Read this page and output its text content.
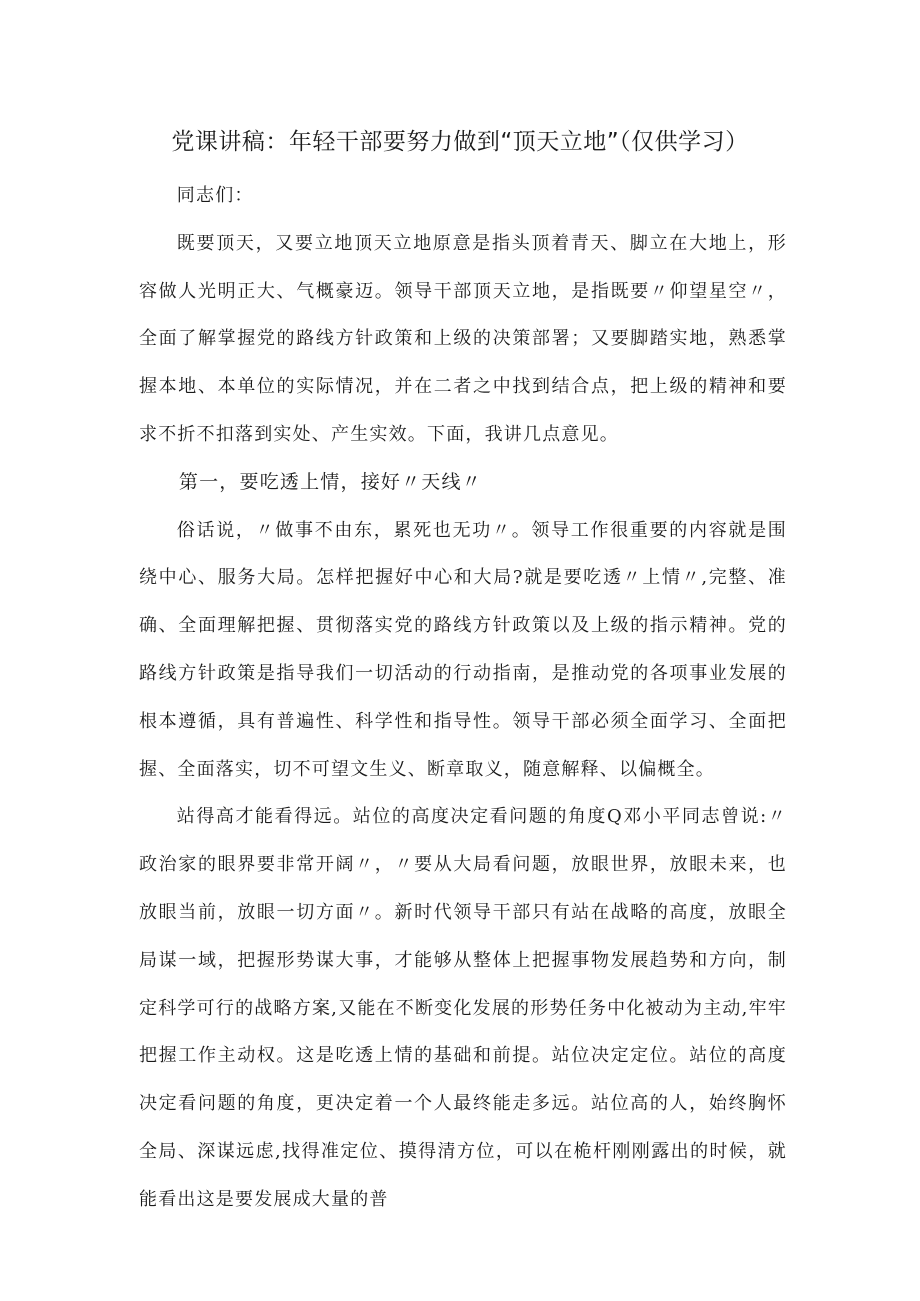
党课讲稿：年轻干部要努力做到“顶天立地”（仅供学习）

同志们：

既要顶天，又要立地顶天立地原意是指头顶着青天、脚立在大地上，形容做人光明正大、气概豪迈。领导干部顶天立地，是指既要〃仰望星空〃，全面了解掌握党的路线方针政策和上级的决策部署；又要脚踏实地，熟悉掌握本地、本单位的实际情况，并在二者之中找到结合点，把上级的精神和要求不折不扣落到实处、产生实效。下面，我讲几点意见。

第一，要吃透上情，接好〃天线〃

俗话说，〃做事不由东，累死也无功〃。领导工作很重要的内容就是围绕中心、服务大局。怎样把握好中心和大局?就是要吃透〃上情〃,完整、准确、全面理解把握、贯彻落实党的路线方针政策以及上级的指示精神。党的路线方针政策是指导我们一切活动的行动指南，是推动党的各项事业发展的根本遵循，具有普遍性、科学性和指导性。领导干部必须全面学习、全面把握、全面落实，切不可望文生义、断章取义，随意解释、以偏概全。

站得高才能看得远。站位的高度决定看问题的角度Q邓小平同志曾说:〃政治家的眼界要非常开阔〃，〃要从大局看问题，放眼世界，放眼未来，也放眼当前，放眼一切方面〃。新时代领导干部只有站在战略的高度，放眼全局谋一域，把握形势谋大事，才能够从整体上把握事物发展趋势和方向，制定科学可行的战略方案,又能在不断变化发展的形势任务中化被动为主动,牢牢把握工作主动权。这是吃透上情的基础和前提。站位决定定位。站位的高度决定看问题的角度，更决定着一个人最终能走多远。站位高的人，始终胸怀全局、深谋远虑,找得准定位、摸得清方位，可以在桅杆刚刚露出的时候，就能看出这是要发展成大量的普
